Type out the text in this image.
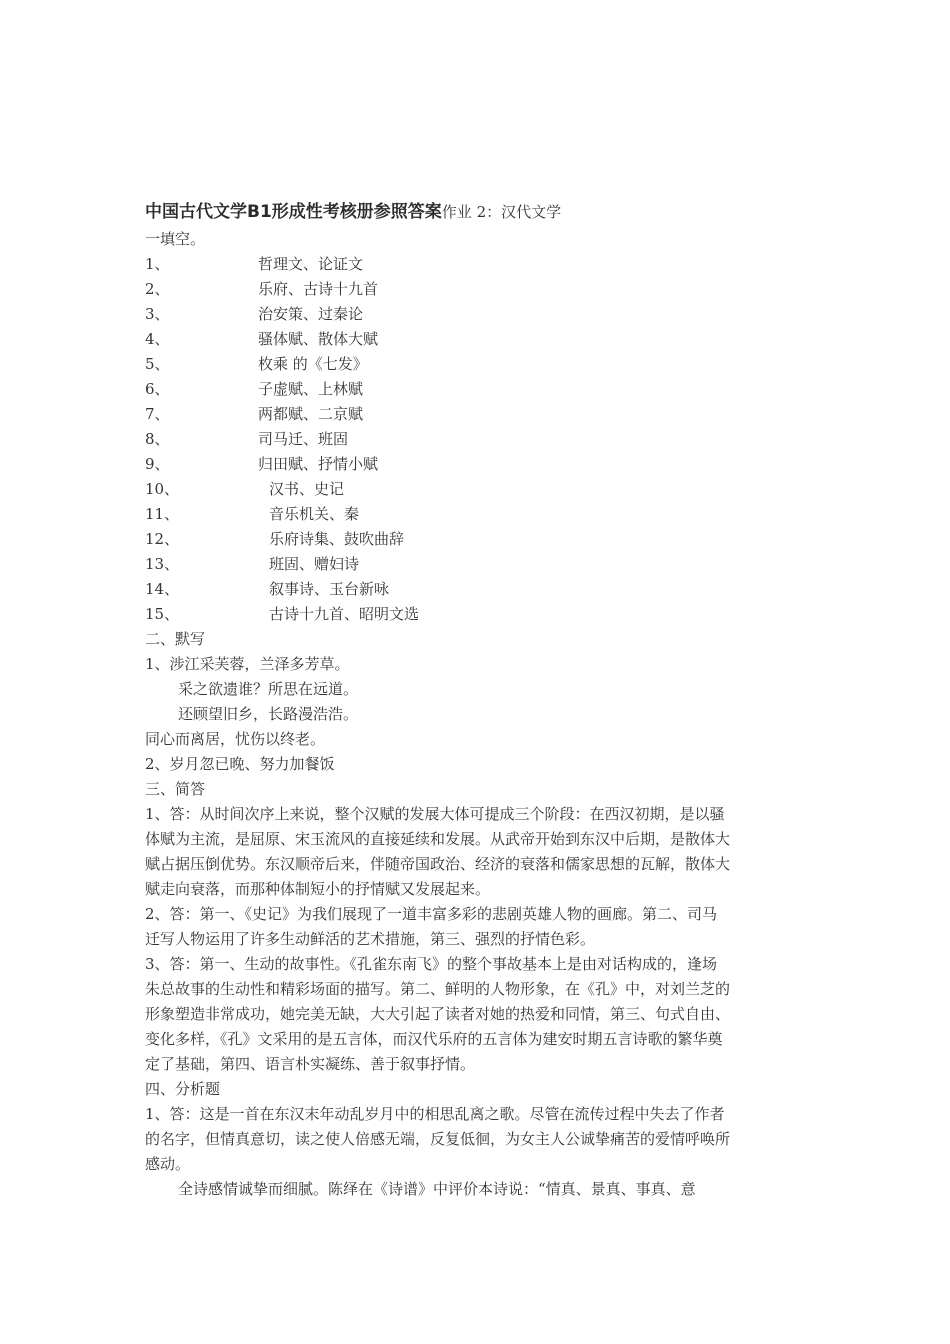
中国古代文学B1形成性考核册参照答案作业 2：汉代文学
一填空。
1、	哲理文、论证文
2、	乐府、古诗十九首
3、	治安策、过秦论
4、	骚体赋、散体大赋
5、	枚乘 的《七发》
6、	子虚赋、上林赋
7、	两都赋、二京赋
8、	司马迁、班固
9、	归田赋、抒情小赋
10、	汉书、史记
11、	音乐机关、秦
12、	乐府诗集、鼓吹曲辞
13、	班固、赠妇诗
14、	叙事诗、玉台新咏
15、	古诗十九首、昭明文选
二、默写
1、涉江采芙蓉，兰泽多芳草。
采之欲遗谁？所思在远道。
还顾望旧乡，长路漫浩浩。
同心而离居，忧伤以终老。
2、岁月忽已晚、努力加餐饭
三、简答
1、答：从时间次序上来说，整个汉赋的发展大体可提成三个阶段：在西汉初期，是以骚
体赋为主流，是屈原、宋玉流风的直接延续和发展。从武帝开始到东汉中后期，是散体大
赋占据压倒优势。东汉顺帝后来，伴随帝国政治、经济的衰落和儒家思想的瓦解，散体大
赋走向衰落，而那种体制短小的抒情赋又发展起来。
2、答：第一、《史记》为我们展现了一道丰富多彩的悲剧英雄人物的画廊。第二、司马
迁写人物运用了许多生动鲜活的艺术措施，第三、强烈的抒情色彩。
3、答：第一、生动的故事性。《孔雀东南飞》的整个事故基本上是由对话构成的，逢场
朱总故事的生动性和精彩场面的描写。第二、鲜明的人物形象，在《孔》中，对刘兰芝的
形象塑造非常成功，她完美无缺，大大引起了读者对她的热爱和同情，第三、句式自由、
变化多样，《孔》文采用的是五言体，而汉代乐府的五言体为建安时期五言诗歌的繁华奠
定了基础，第四、语言朴实凝练、善于叙事抒情。
四、分析题
1、答：这是一首在东汉末年动乱岁月中的相思乱离之歌。尽管在流传过程中失去了作者
的名字，但情真意切，读之使人倍感无端，反复低徊，为女主人公诚挚痛苦的爱情呼唤所
感动。
全诗感情诚挚而细腻。陈绎在《诗谱》中评价本诗说：“情真、景真、事真、意
